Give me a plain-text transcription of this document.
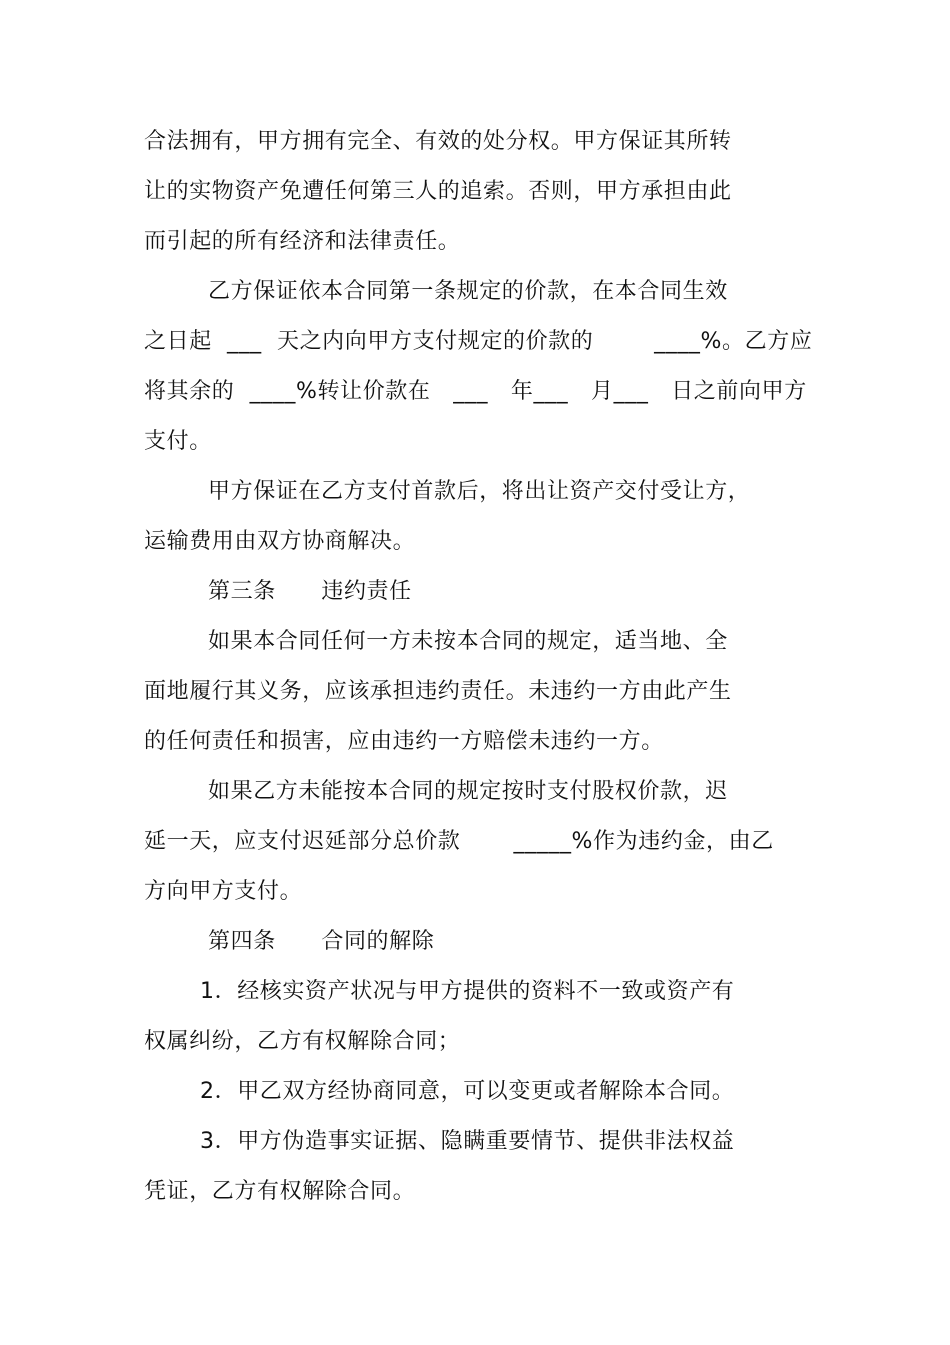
合法拥有，甲方拥有完全、有效的处分权。甲方保证其所转
让的实物资产免遭任何第三人的追索。否则，甲方承担由此
而引起的所有经济和法律责任。
乙方保证依本合同第一条规定的价款，在本合同生效
之日起  ___  天之内向甲方支付规定的价款的        ____%。乙方应
将其余的  ____%转让价款在   ___   年___   月___   日之前向甲方
支付。
甲方保证在乙方支付首款后，将出让资产交付受让方，
运输费用由双方协商解决。
第三条      违约责任
如果本合同任何一方未按本合同的规定，适当地、全
面地履行其义务，应该承担违约责任。未违约一方由此产生
的任何责任和损害，应由违约一方赔偿未违约一方。
如果乙方未能按本合同的规定按时支付股权价款，迟
延一天，应支付迟延部分总价款       _____%作为违约金，由乙
方向甲方支付。
第四条      合同的解除
1．经核实资产状况与甲方提供的资料不一致或资产有
权属纠纷，乙方有权解除合同；
2．甲乙双方经协商同意，可以变更或者解除本合同。
3．甲方伪造事实证据、隐瞒重要情节、提供非法权益
凭证，乙方有权解除合同。
